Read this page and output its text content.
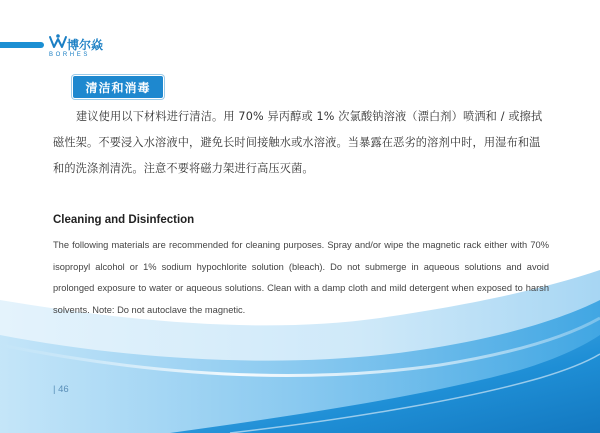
博尔焱
BORHES
清洁和消毒

建议使用以下材料进行清洁。用 70% 异丙醇或 1% 次氯酸钠溶液（漂白剂）喷洒和 / 或擦拭磁性架。不要浸入水溶液中，避免长时间接触水或水溶液。当暴露在恶劣的溶剂中时，用湿布和温和的洗涤剂清洗。注意不要将磁力架进行高压灭菌。

Cleaning and Disinfection

The following materials are recommended for cleaning purposes. Spray and/or wipe the magnetic rack either with 70% isopropyl alcohol or 1% sodium hypochlorite solution (bleach). Do not submerge in aqueous solutions and avoid prolonged exposure to water or aqueous solutions. Clean with a damp cloth and mild detergent when exposed to harsh solvents. Note: Do not autoclave the magnetic.

| 46
